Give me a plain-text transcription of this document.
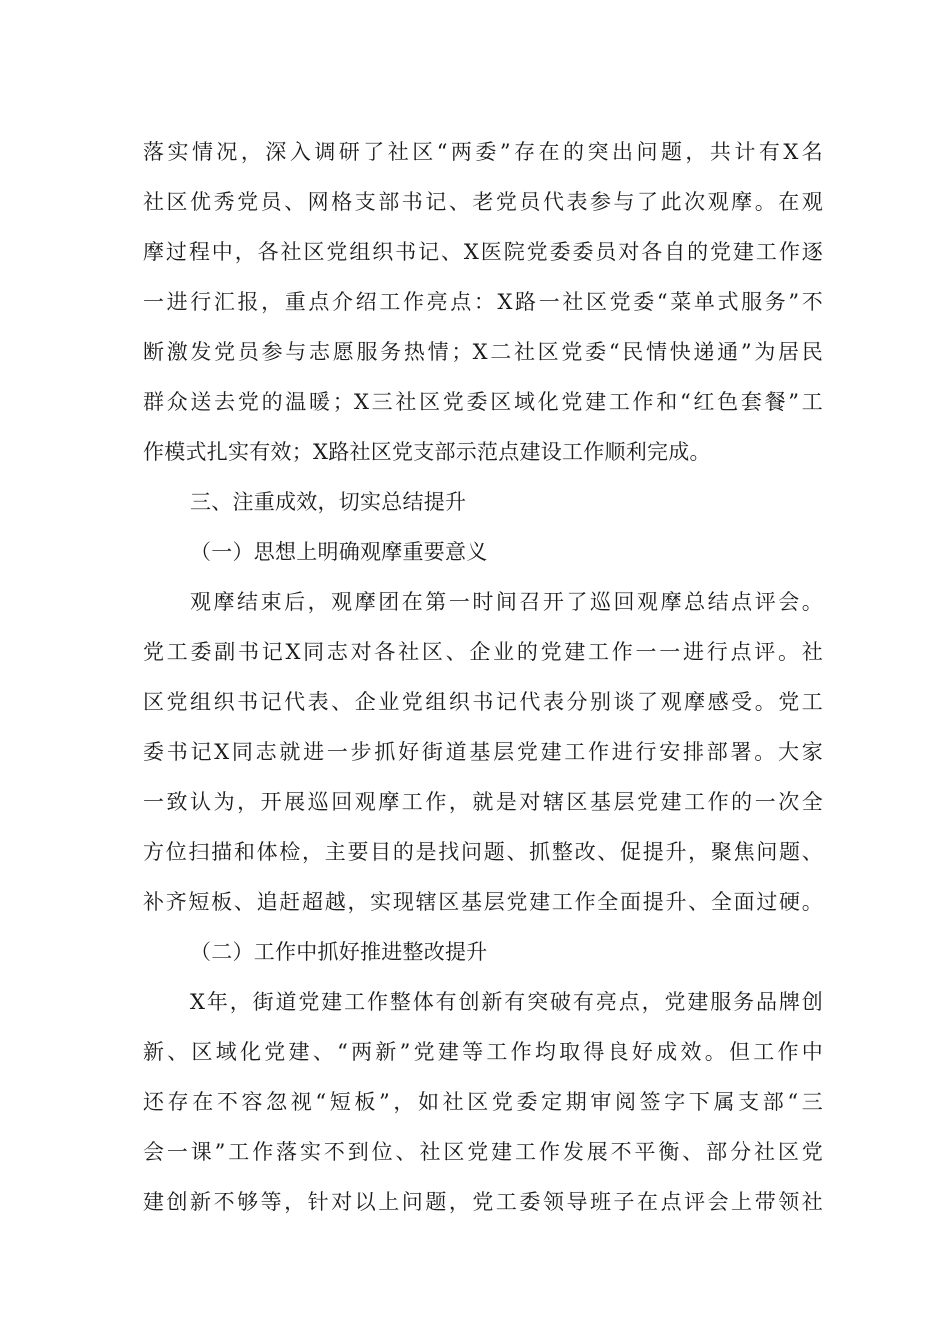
落实情况，深入调研了社区“两委”存在的突出问题，共计有X名
社区优秀党员、网格支部书记、老党员代表参与了此次观摩。在观
摩过程中，各社区党组织书记、X医院党委委员对各自的党建工作逐
一进行汇报，重点介绍工作亮点：X路一社区党委“菜单式服务”不
断激发党员参与志愿服务热情；X二社区党委“民情快递通”为居民
群众送去党的温暖；X三社区党委区域化党建工作和“红色套餐”工
作模式扎实有效；X路社区党支部示范点建设工作顺利完成。
三、注重成效，切实总结提升
（一）思想上明确观摩重要意义
观摩结束后，观摩团在第一时间召开了巡回观摩总结点评会。
党工委副书记X同志对各社区、企业的党建工作一一进行点评。社
区党组织书记代表、企业党组织书记代表分别谈了观摩感受。党工
委书记X同志就进一步抓好街道基层党建工作进行安排部署。大家
一致认为，开展巡回观摩工作，就是对辖区基层党建工作的一次全
方位扫描和体检，主要目的是找问题、抓整改、促提升，聚焦问题、
补齐短板、追赶超越，实现辖区基层党建工作全面提升、全面过硬。
（二）工作中抓好推进整改提升
X年，街道党建工作整体有创新有突破有亮点，党建服务品牌创
新、区域化党建、“两新”党建等工作均取得良好成效。但工作中
还存在不容忽视“短板”，如社区党委定期审阅签字下属支部“三
会一课”工作落实不到位、社区党建工作发展不平衡、部分社区党
建创新不够等，针对以上问题，党工委领导班子在点评会上带领社
